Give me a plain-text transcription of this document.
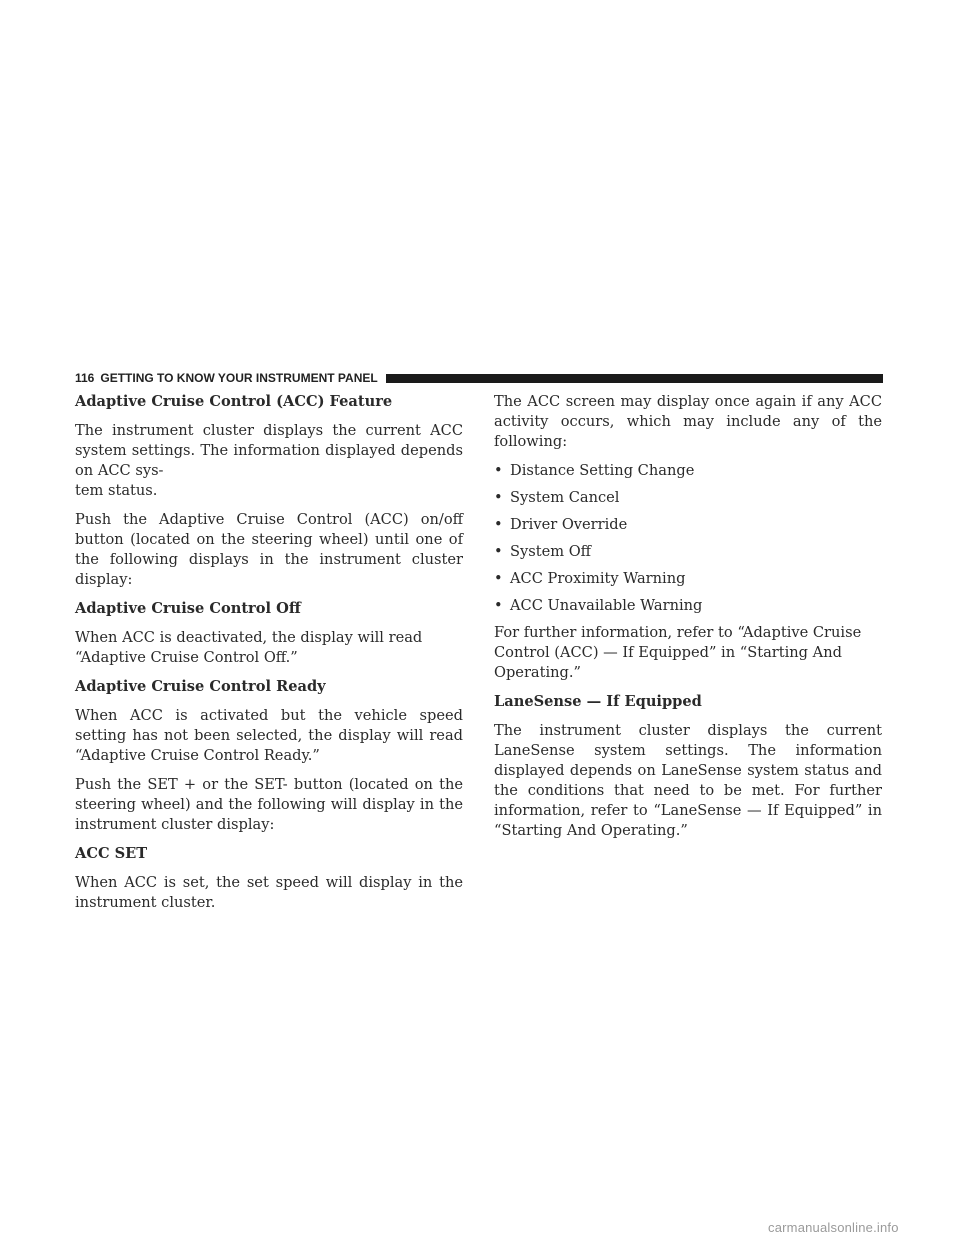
116 GETTING TO KNOW YOUR INSTRUMENT PANEL
Adaptive Cruise Control (ACC) Feature

The instrument cluster displays the current ACC system settings. The information displayed depends on ACC sys-
tem status.

Push the Adaptive Cruise Control (ACC) on/off button (located on the steering wheel) until one of the following displays in the instrument cluster display:

Adaptive Cruise Control Off

When ACC is deactivated, the display will read “Adaptive Cruise Control Off.”

Adaptive Cruise Control Ready

When ACC is activated but the vehicle speed setting has not been selected, the display will read “Adaptive Cruise Control Ready.”

Push the SET + or the SET- button (located on the steering wheel) and the following will display in the instrument cluster display:

ACC SET

When ACC is set, the set speed will display in the instrument cluster.

The ACC screen may display once again if any ACC activity occurs, which may include any of the following:

• Distance Setting Change
• System Cancel
• Driver Override
• System Off
• ACC Proximity Warning
• ACC Unavailable Warning

For further information, refer to “Adaptive Cruise Control (ACC) — If Equipped” in “Starting And Operating.”

LaneSense — If Equipped

The instrument cluster displays the current LaneSense system settings. The information displayed depends on LaneSense system status and the conditions that need to be met. For further information, refer to “LaneSense — If Equipped” in “Starting And Operating.”

carmanualsonline.info
